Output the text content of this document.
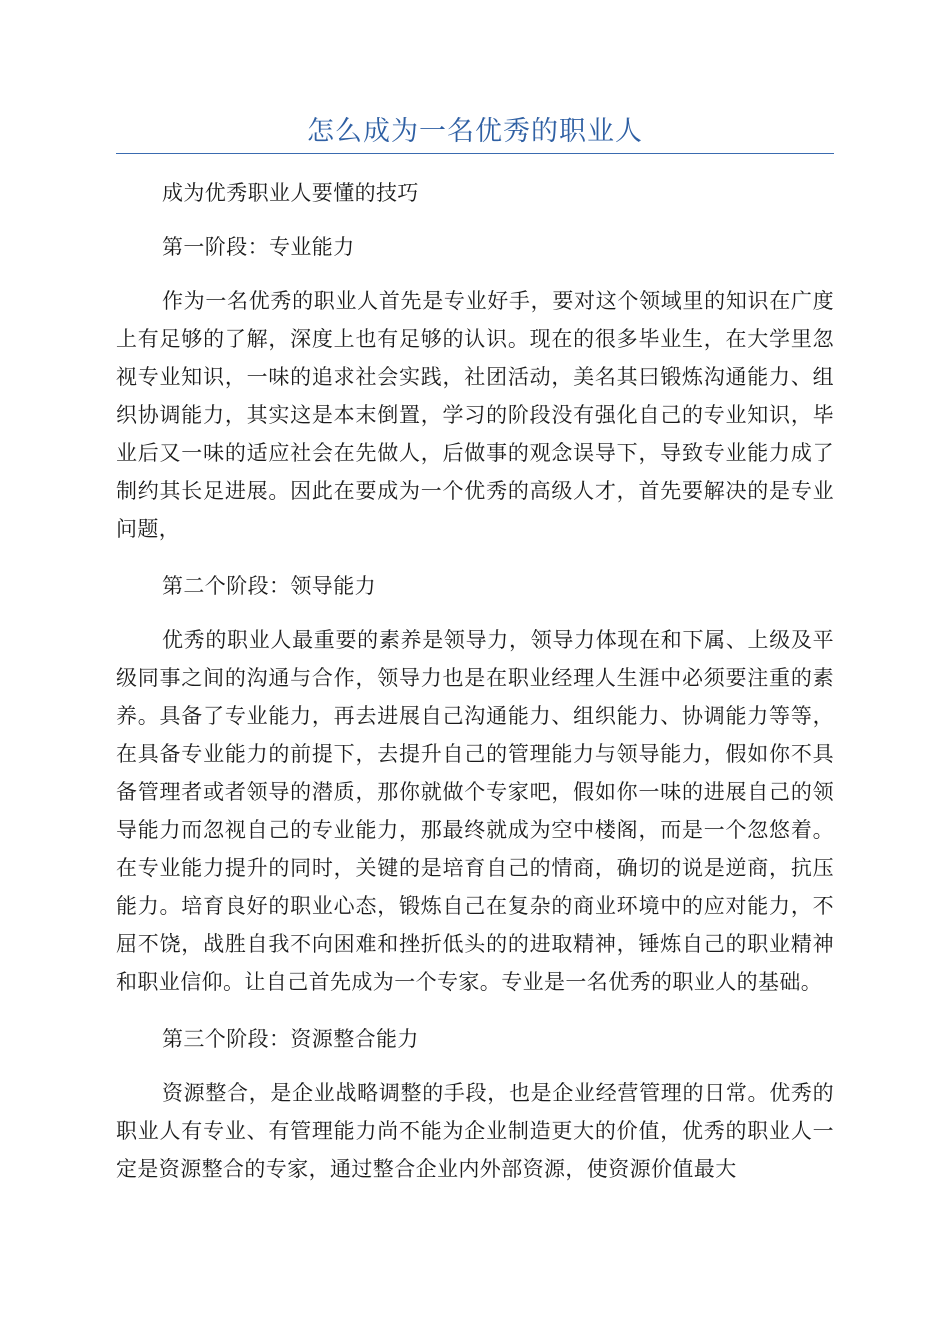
怎么成为一名优秀的职业人

成为优秀职业人要懂的技巧

第一阶段：专业能力

作为一名优秀的职业人首先是专业好手，要对这个领域里的知识在广度上有足够的了解，深度上也有足够的认识。现在的很多毕业生，在大学里忽视专业知识，一味的追求社会实践，社团活动，美名其曰锻炼沟通能力、组织协调能力，其实这是本末倒置，学习的阶段没有强化自己的专业知识，毕业后又一味的适应社会在先做人，后做事的观念误导下，导致专业能力成了制约其长足进展。因此在要成为一个优秀的高级人才，首先要解决的是专业问题，

第二个阶段：领导能力

优秀的职业人最重要的素养是领导力，领导力体现在和下属、上级及平级同事之间的沟通与合作，领导力也是在职业经理人生涯中必须要注重的素养。具备了专业能力，再去进展自己沟通能力、组织能力、协调能力等等，在具备专业能力的前提下，去提升自己的管理能力与领导能力，假如你不具备管理者或者领导的潜质，那你就做个专家吧，假如你一味的进展自己的领导能力而忽视自己的专业能力，那最终就成为空中楼阁，而是一个忽悠着。在专业能力提升的同时，关键的是培育自己的情商，确切的说是逆商，抗压能力。培育良好的职业心态，锻炼自己在复杂的商业环境中的应对能力，不屈不饶，战胜自我不向困难和挫折低头的的进取精神，锤炼自己的职业精神和职业信仰。让自己首先成为一个专家。专业是一名优秀的职业人的基础。

第三个阶段：资源整合能力

资源整合，是企业战略调整的手段，也是企业经营管理的日常。优秀的职业人有专业、有管理能力尚不能为企业制造更大的价值，优秀的职业人一定是资源整合的专家，通过整合企业内外部资源，使资源价值最大
